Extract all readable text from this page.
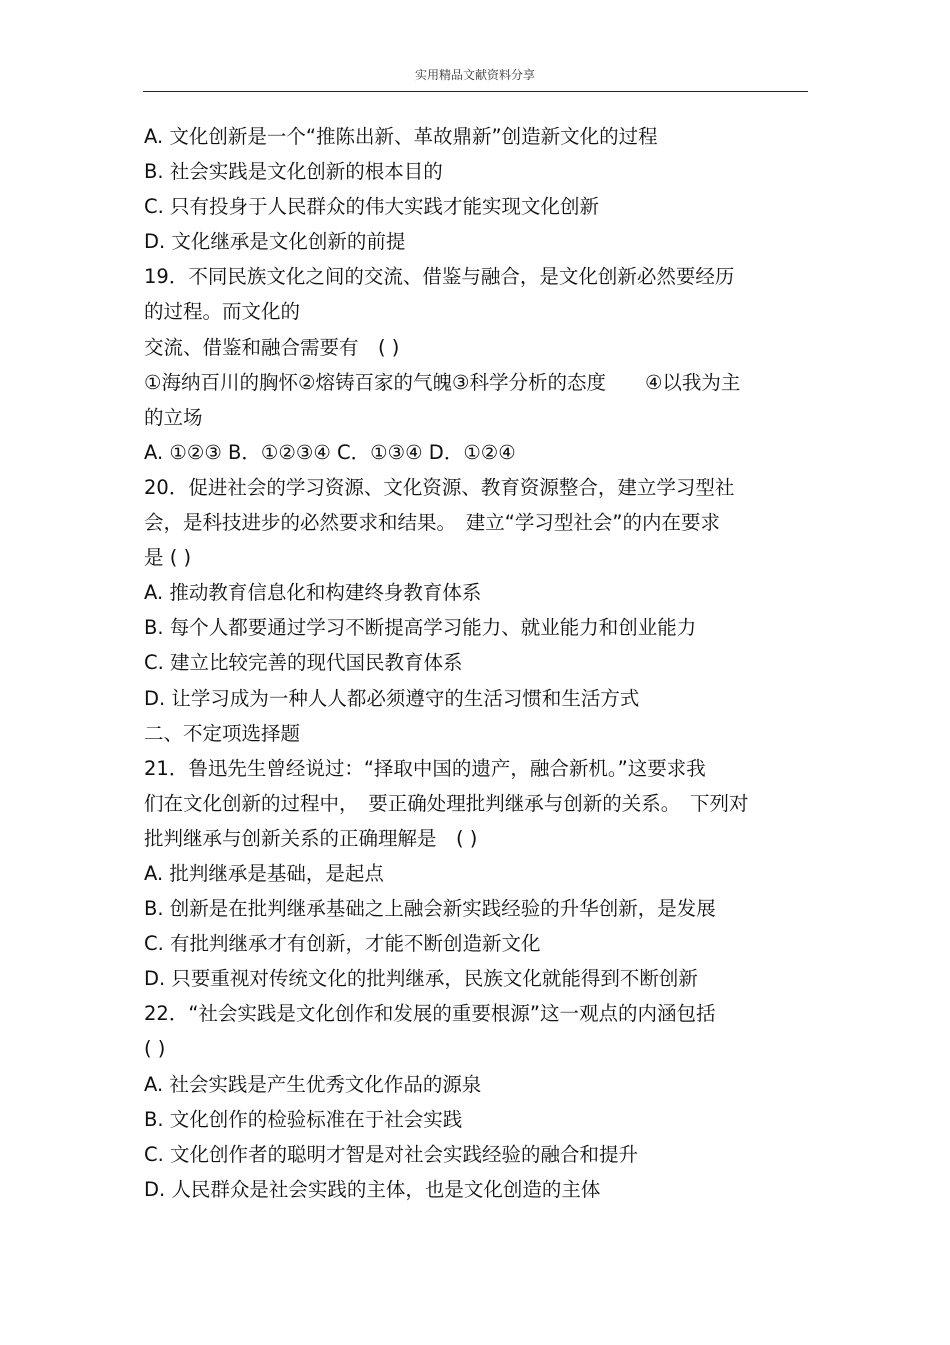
实用精品文献资料分享
A. 文化创新是一个“推陈出新、革故鼎新”创造新文化的过程
B. 社会实践是文化创新的根本目的
C. 只有投身于人民群众的伟大实践才能实现文化创新
D. 文化继承是文化创新的前提
19．不同民族文化之间的交流、借鉴与融合，是文化创新必然要经历
的过程。而文化的
交流、借鉴和融合需要有　( )
①海纳百川的胸怀②熔铸百家的气魄③科学分析的态度　　④以我为主
的立场
A. ①②③ B．①②③④ C．①③④ D．①②④
20．促进社会的学习资源、文化资源、教育资源整合，建立学习型社
会，是科技进步的必然要求和结果。　建立“学习型社会”的内在要求
是 ( )
A. 推动教育信息化和构建终身教育体系
B. 每个人都要通过学习不断提高学习能力、就业能力和创业能力
C. 建立比较完善的现代国民教育体系
D. 让学习成为一种人人都必须遵守的生活习惯和生活方式
二、不定项选择题
21．鲁迅先生曾经说过：“择取中国的遗产，融合新机。”这要求我
们在文化创新的过程中，　要正确处理批判继承与创新的关系。　下列对
批判继承与创新关系的正确理解是　( )
A. 批判继承是基础，是起点
B. 创新是在批判继承基础之上融会新实践经验的升华创新，是发展
C. 有批判继承才有创新，才能不断创造新文化
D. 只要重视对传统文化的批判继承，民族文化就能得到不断创新
22．“社会实践是文化创作和发展的重要根源”这一观点的内涵包括
( )
A. 社会实践是产生优秀文化作品的源泉
B. 文化创作的检验标准在于社会实践
C. 文化创作者的聪明才智是对社会实践经验的融合和提升
D. 人民群众是社会实践的主体，也是文化创造的主体
